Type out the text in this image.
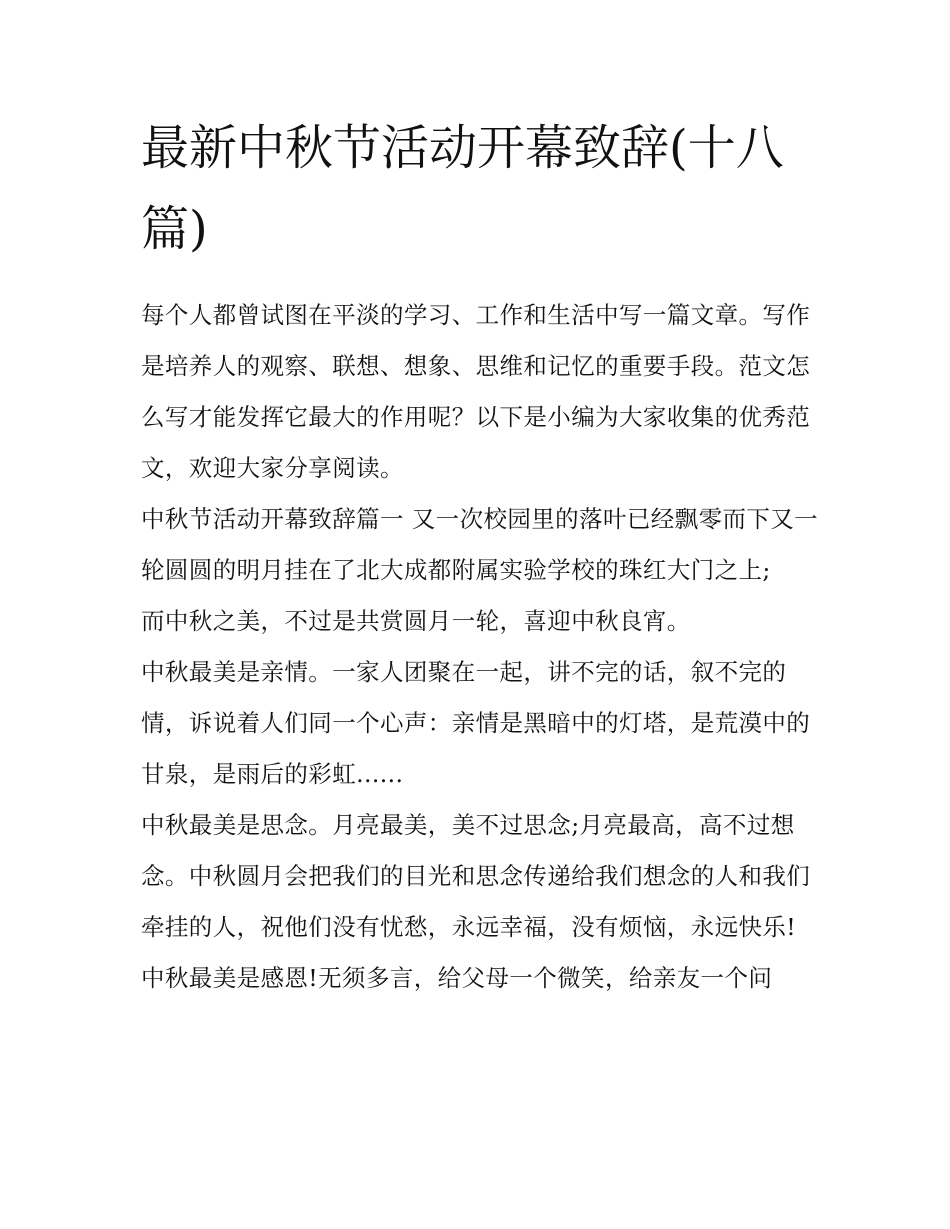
最新中秋节活动开幕致辞(十八篇)

每个人都曾试图在平淡的学习、工作和生活中写一篇文章。写作是培养人的观察、联想、想象、思维和记忆的重要手段。范文怎么写才能发挥它最大的作用呢？以下是小编为大家收集的优秀范文，欢迎大家分享阅读。

中秋节活动开幕致辞篇一 又一次校园里的落叶已经飘零而下又一轮圆圆的明月挂在了北大成都附属实验学校的珠红大门之上;

而中秋之美，不过是共赏圆月一轮，喜迎中秋良宵。

中秋最美是亲情。一家人团聚在一起，讲不完的话，叙不完的情，诉说着人们同一个心声：亲情是黑暗中的灯塔，是荒漠中的甘泉，是雨后的彩虹......

中秋最美是思念。月亮最美，美不过思念;月亮最高，高不过想念。中秋圆月会把我们的目光和思念传递给我们想念的人和我们牵挂的人，祝他们没有忧愁，永远幸福，没有烦恼，永远快乐!

中秋最美是感恩!无须多言，给父母一个微笑，给亲友一个问
